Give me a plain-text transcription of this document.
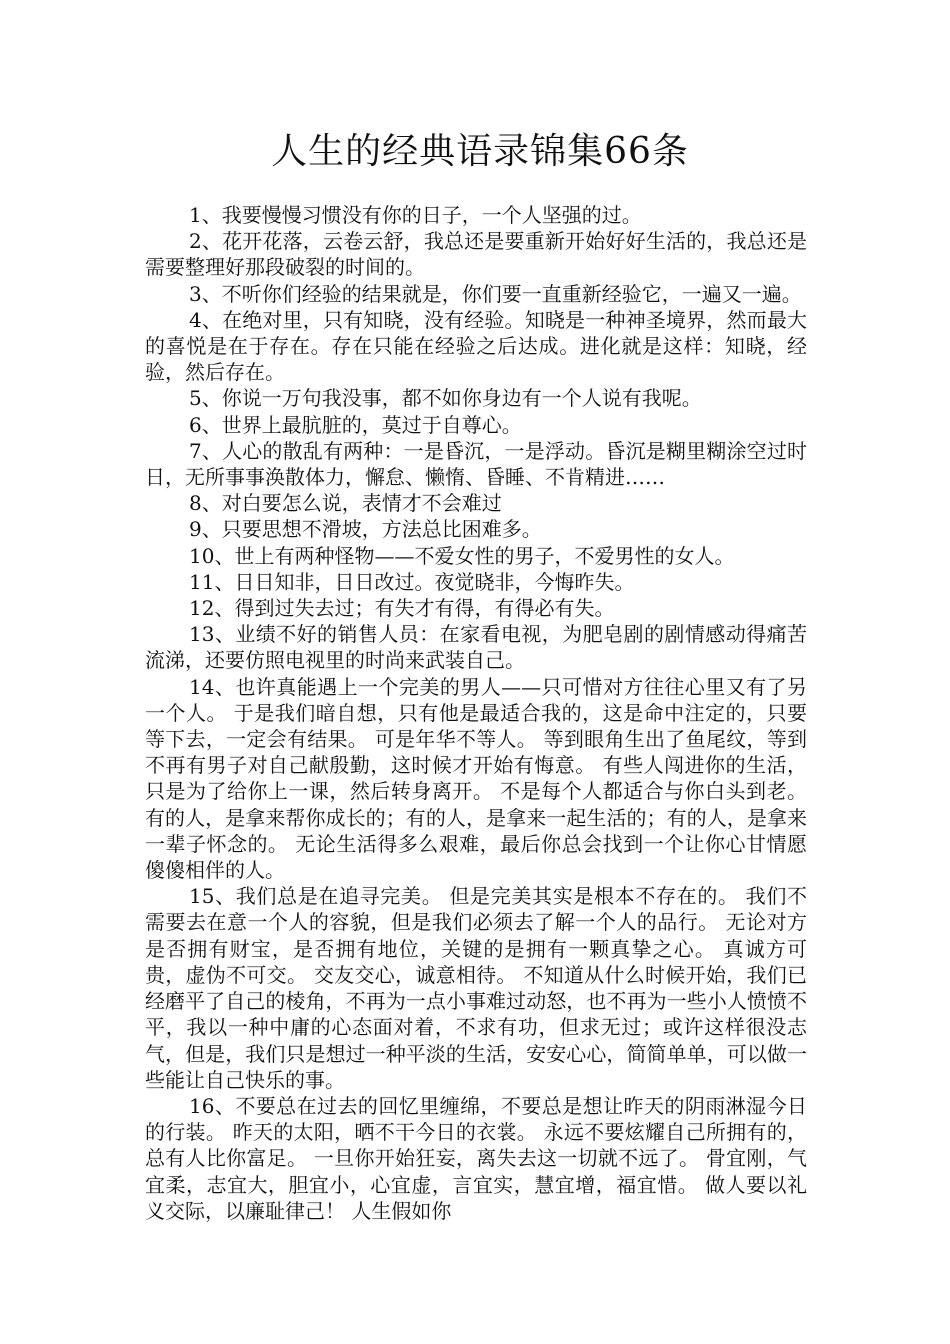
人生的经典语录锦集66条

1、我要慢慢习惯没有你的日子，一个人坚强的过。

2、花开花落，云卷云舒，我总还是要重新开始好好生活的，我总还是需要整理好那段破裂的时间的。

3、不听你们经验的结果就是，你们要一直重新经验它，一遍又一遍。

4、在绝对里，只有知晓，没有经验。知晓是一种神圣境界，然而最大的喜悦是在于存在。存在只能在经验之后达成。进化就是这样：知晓，经验，然后存在。

5、你说一万句我没事，都不如你身边有一个人说有我呢。

6、世界上最肮脏的，莫过于自尊心。

7、人心的散乱有两种：一是昏沉，一是浮动。昏沉是糊里糊涂空过时日，无所事事涣散体力，懈怠、懒惰、昏睡、不肯精进……

8、对白要怎么说，表情才不会难过

9、只要思想不滑坡，方法总比困难多。

10、世上有两种怪物——不爱女性的男子，不爱男性的女人。

11、日日知非，日日改过。夜觉晓非，今悔昨失。

12、得到过失去过；有失才有得，有得必有失。

13、业绩不好的销售人员：在家看电视，为肥皂剧的剧情感动得痛苦流涕，还要仿照电视里的时尚来武装自己。

14、也许真能遇上一个完美的男人——只可惜对方往往心里又有了另一个人。 于是我们暗自想，只有他是最适合我的，这是命中注定的，只要等下去，一定会有结果。 可是年华不等人。 等到眼角生出了鱼尾纹，等到不再有男子对自己献殷勤，这时候才开始有悔意。 有些人闯进你的生活，只是为了给你上一课，然后转身离开。 不是每个人都适合与你白头到老。 有的人，是拿来帮你成长的；有的人，是拿来一起生活的；有的人，是拿来一辈子怀念的。 无论生活得多么艰难，最后你总会找到一个让你心甘情愿傻傻相伴的人。

15、我们总是在追寻完美。 但是完美其实是根本不存在的。 我们不需要去在意一个人的容貌，但是我们必须去了解一个人的品行。 无论对方是否拥有财宝，是否拥有地位，关键的是拥有一颗真挚之心。 真诚方可贵，虚伪不可交。 交友交心，诚意相待。 不知道从什么时候开始，我们已经磨平了自己的棱角，不再为一点小事难过动怒，也不再为一些小人愤愤不平，我以一种中庸的心态面对着，不求有功，但求无过；或许这样很没志气，但是，我们只是想过一种平淡的生活，安安心心，简简单单，可以做一些能让自己快乐的事。

16、不要总在过去的回忆里缠绵，不要总是想让昨天的阴雨淋湿今日的行装。 昨天的太阳，晒不干今日的衣裳。 永远不要炫耀自己所拥有的，总有人比你富足。 一旦你开始狂妄，离失去这一切就不远了。 骨宜刚，气宜柔，志宜大，胆宜小，心宜虚，言宜实，慧宜增，福宜惜。 做人要以礼义交际，以廉耻律己！ 人生假如你
